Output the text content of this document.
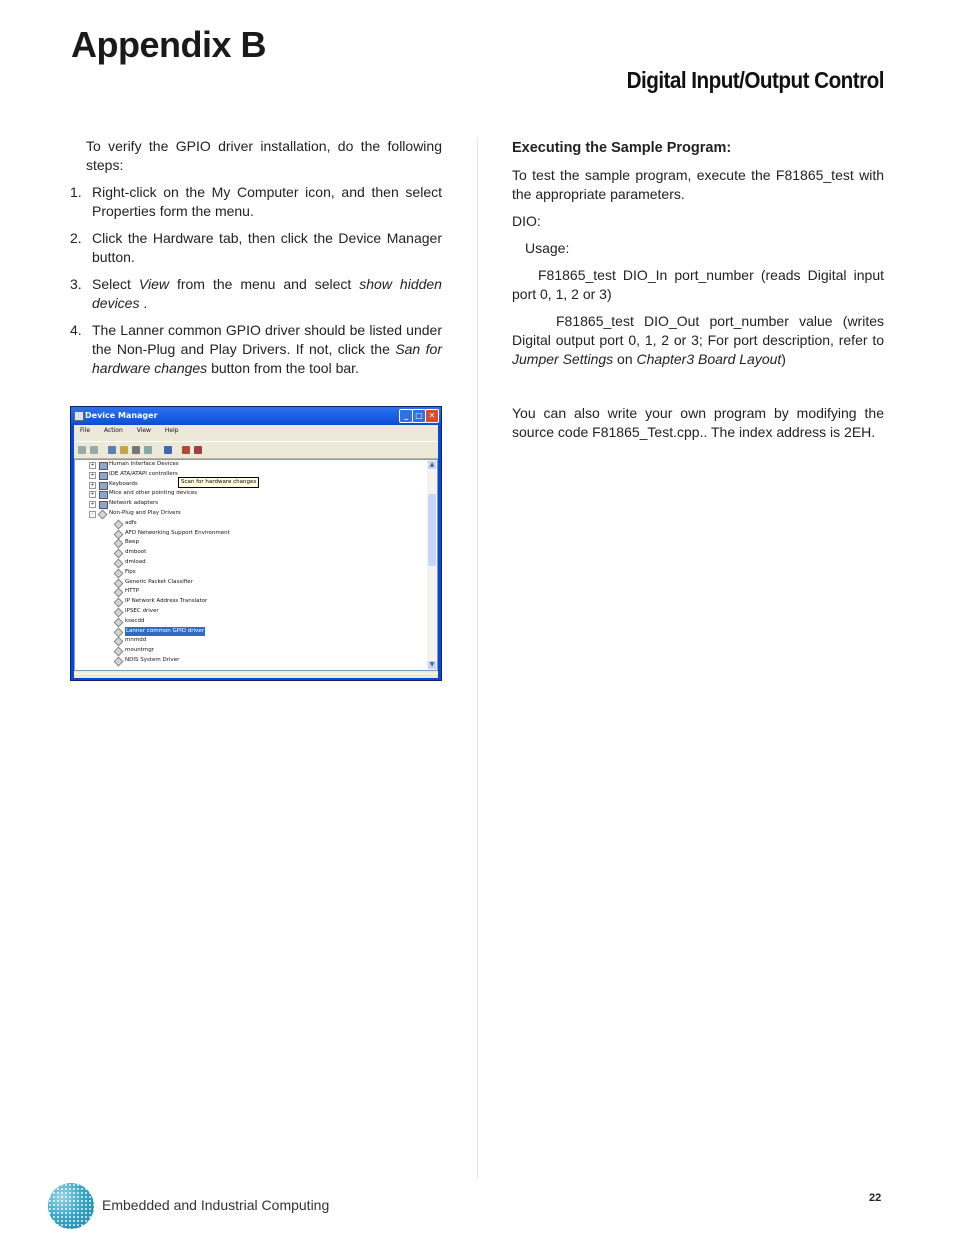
Appendix B
Digital Input/Output Control

To verify the GPIO driver installation, do the following steps:

1. Right-click on the My Computer icon, and then select Properties form the menu.
2. Click the Hardware tab, then click the Device Manager button.
3. Select View from the menu and select show hidden devices .
4. The Lanner common GPIO driver should be listed under the Non-Plug and Play Drivers. If not, click the San for hardware changes button from the tool bar.
Device Manager	_ □ ✕
File Action View Help
+	Human Interface Devices
+	IDE ATA/ATAPI controllers
+	Keyboards
+	Mice and other pointing devices
+	Network adapters
-	Non-Plug and Play Drivers
adfs
AFD Networking Support Environment
Beep
dmboot
dmload
Fips
Generic Packet Classifier
HTTP
IP Network Address Translator
IPSEC driver
ksecdd
Lanner common GPIO driver
mnmdd
mountmgr
NDIS System Driver
▲
▼
Scan for hardware changes

Executing the Sample Program:

To test the sample program, execute the F81865_test with the appropriate parameters.

DIO:

Usage:

F81865_test DIO_In port_number (reads Digital input port 0, 1, 2 or 3)

F81865_test DIO_Out port_number value (writes Digital output port 0, 1, 2 or 3; For port description, refer to Jumper Settings on Chapter3 Board Layout)

You can also write your own program by modifying the source code F81865_Test.cpp.. The index address is 2EH.

Embedded and Industrial Computing	22
